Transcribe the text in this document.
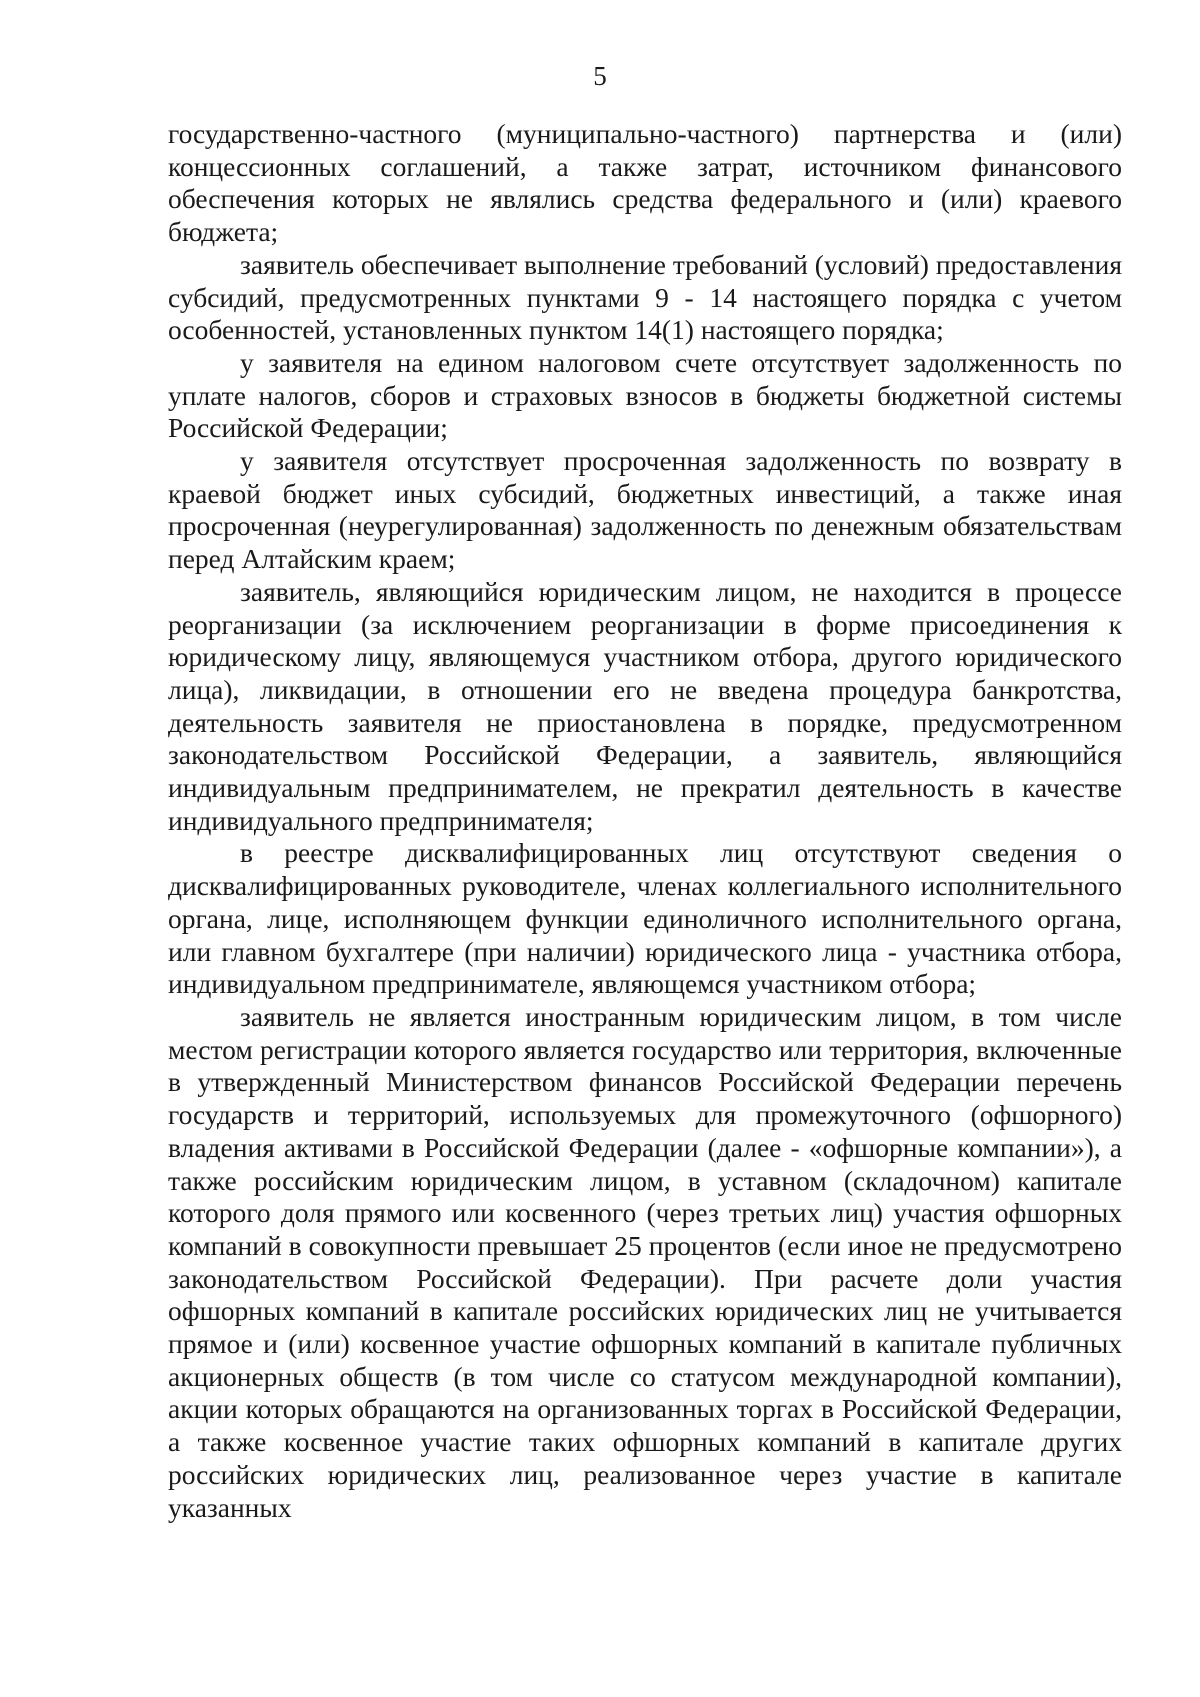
5

государственно-частного (муниципально-частного) партнерства и (или) концессионных соглашений, а также затрат, источником финансового обеспечения которых не являлись средства федерального и (или) краевого бюджета;

заявитель обеспечивает выполнение требований (условий) предоставления субсидий, предусмотренных пунктами 9 - 14 настоящего порядка с учетом особенностей, установленных пунктом 14(1) настоящего порядка;

у заявителя на едином налоговом счете отсутствует задолженность по уплате налогов, сборов и страховых взносов в бюджеты бюджетной системы Российской Федерации;

у заявителя отсутствует просроченная задолженность по возврату в краевой бюджет иных субсидий, бюджетных инвестиций, а также иная просроченная (неурегулированная) задолженность по денежным обязательствам перед Алтайским краем;

заявитель, являющийся юридическим лицом, не находится в процессе реорганизации (за исключением реорганизации в форме присоединения к юридическому лицу, являющемуся участником отбора, другого юридического лица), ликвидации, в отношении его не введена процедура банкротства, деятельность заявителя не приостановлена в порядке, предусмотренном законодательством Российской Федерации, а заявитель, являющийся индивидуальным предпринимателем, не прекратил деятельность в качестве индивидуального предпринимателя;

в реестре дисквалифицированных лиц отсутствуют сведения о дисквалифицированных руководителе, членах коллегиального исполнительного органа, лице, исполняющем функции единоличного исполнительного органа, или главном бухгалтере (при наличии) юридического лица - участника отбора, индивидуальном предпринимателе, являющемся участником отбора;

заявитель не является иностранным юридическим лицом, в том числе местом регистрации которого является государство или территория, включенные в утвержденный Министерством финансов Российской Федерации перечень государств и территорий, используемых для промежуточного (офшорного) владения активами в Российской Федерации (далее - «офшорные компании»), а также российским юридическим лицом, в уставном (складочном) капитале которого доля прямого или косвенного (через третьих лиц) участия офшорных компаний в совокупности превышает 25 процентов (если иное не предусмотрено законодательством Российской Федерации). При расчете доли участия офшорных компаний в капитале российских юридических лиц не учитывается прямое и (или) косвенное участие офшорных компаний в капитале публичных акционерных обществ (в том числе со статусом международной компании), акции которых обращаются на организованных торгах в Российской Федерации, а также косвенное участие таких офшорных компаний в капитале других российских юридических лиц, реализованное через участие в капитале указанных
